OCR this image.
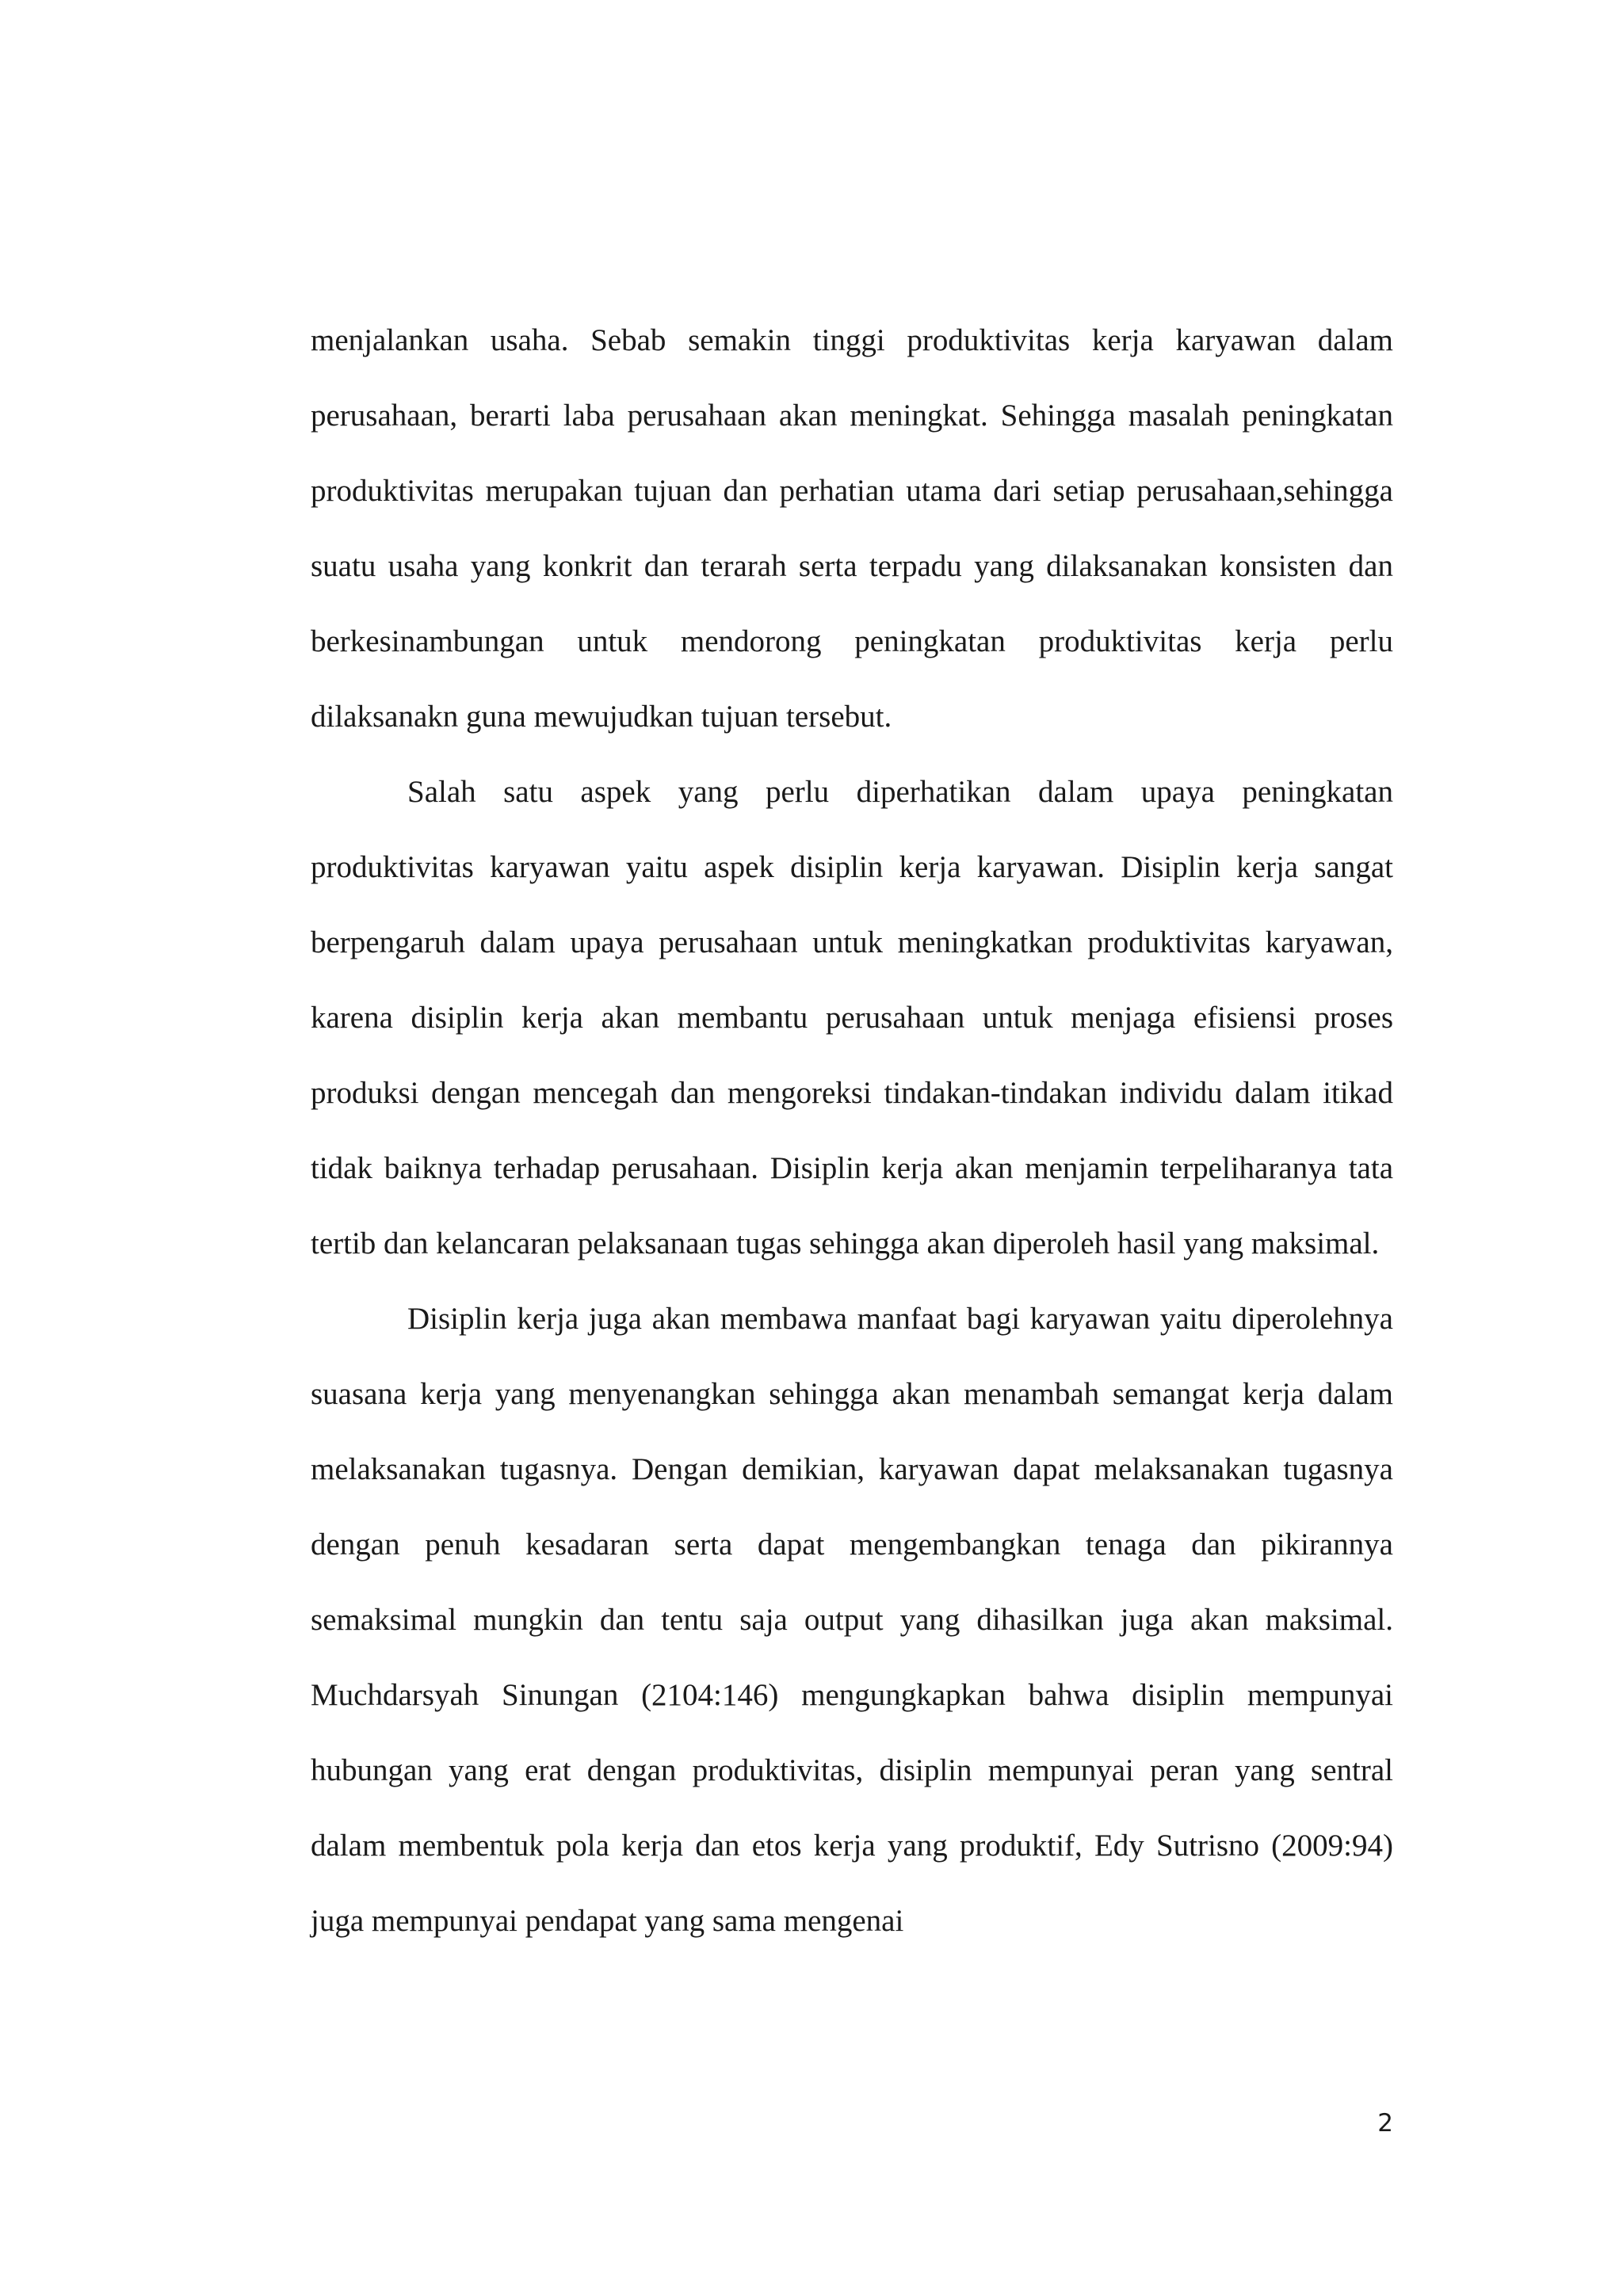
menjalankan usaha. Sebab semakin tinggi produktivitas kerja karyawan dalam perusahaan, berarti laba perusahaan akan meningkat. Sehingga masalah peningkatan produktivitas merupakan tujuan dan perhatian utama dari setiap perusahaan,sehingga suatu usaha yang konkrit dan terarah serta terpadu yang dilaksanakan konsisten dan berkesinambungan untuk mendorong peningkatan produktivitas kerja perlu dilaksanakn guna mewujudkan tujuan tersebut.

Salah satu aspek yang perlu diperhatikan dalam upaya peningkatan produktivitas karyawan yaitu aspek disiplin kerja karyawan. Disiplin kerja sangat berpengaruh dalam upaya perusahaan untuk meningkatkan produktivitas karyawan, karena disiplin kerja akan membantu perusahaan untuk menjaga efisiensi proses produksi dengan mencegah dan mengoreksi tindakan-tindakan individu dalam itikad tidak baiknya terhadap perusahaan. Disiplin kerja akan menjamin terpeliharanya tata tertib dan kelancaran pelaksanaan tugas sehingga akan diperoleh hasil yang maksimal.

Disiplin kerja juga akan membawa manfaat bagi karyawan yaitu diperolehnya suasana kerja yang menyenangkan sehingga akan menambah semangat kerja dalam melaksanakan tugasnya. Dengan demikian, karyawan dapat melaksanakan tugasnya dengan penuh kesadaran serta dapat mengembangkan tenaga dan pikirannya semaksimal mungkin dan tentu saja output yang dihasilkan juga akan maksimal. Muchdarsyah Sinungan (2104:146) mengungkapkan bahwa disiplin mempunyai hubungan yang erat dengan produktivitas, disiplin mempunyai peran yang sentral dalam membentuk pola kerja dan etos kerja yang produktif, Edy Sutrisno (2009:94) juga mempunyai pendapat yang sama mengenai

2
